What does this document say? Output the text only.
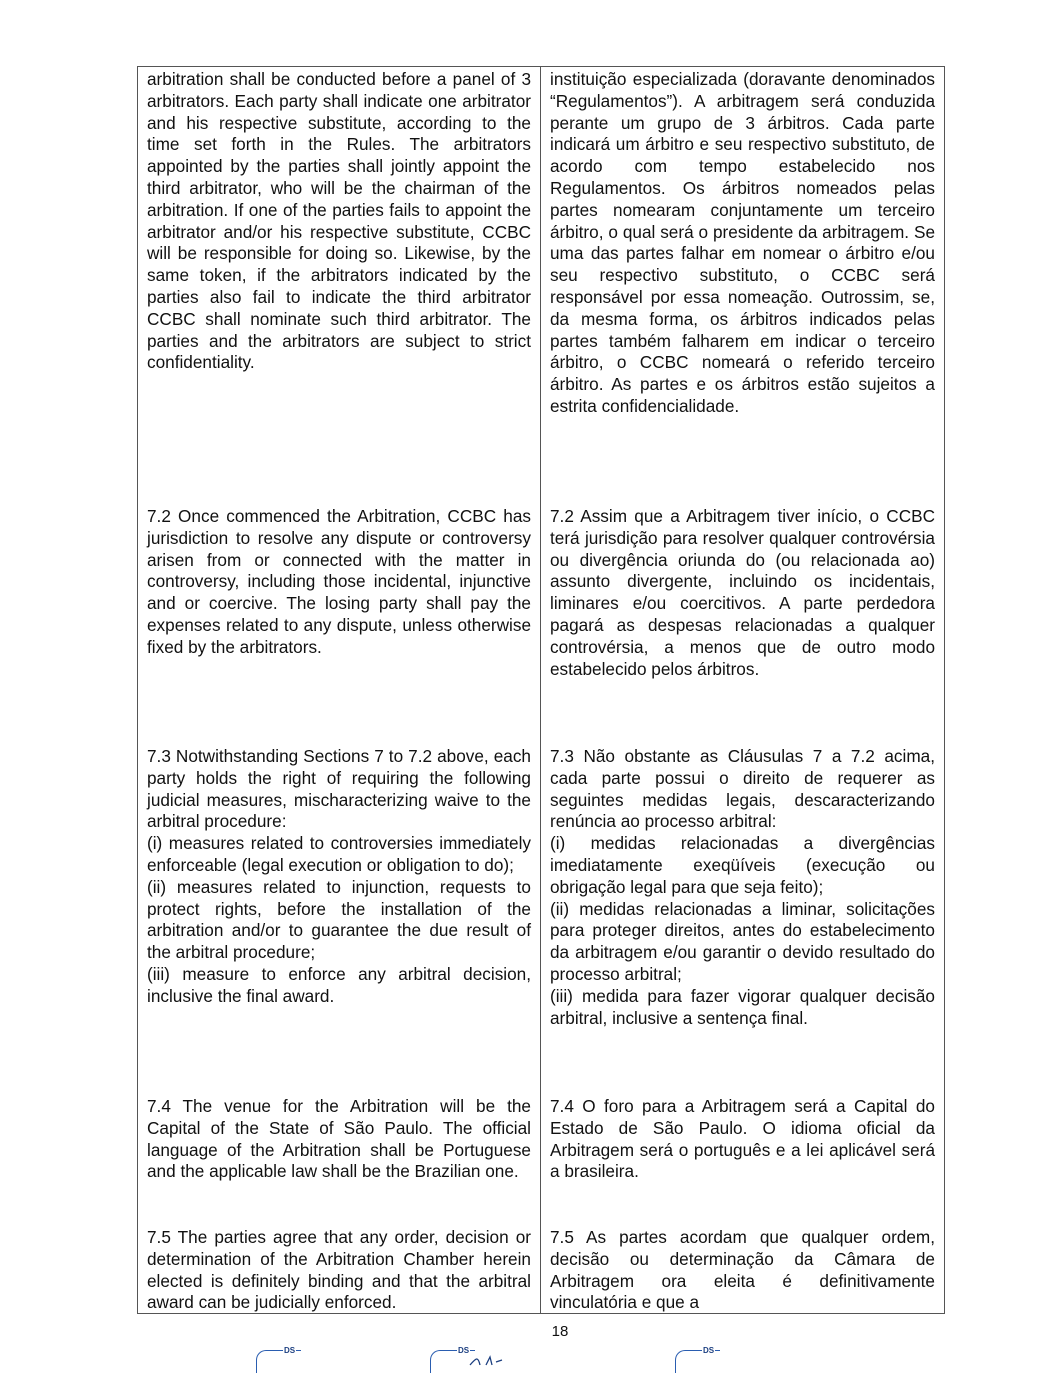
arbitration shall be conducted before a panel of 3 arbitrators. Each party shall indicate one arbitrator and his respective substitute, according to the time set forth in the Rules. The arbitrators appointed by the parties shall jointly appoint the third arbitrator, who will be the chairman of the arbitration. If one of the parties fails to appoint the arbitrator and/or his respective substitute, CCBC will be responsible for doing so. Likewise, by the same token, if the arbitrators indicated by the parties also fail to indicate the third arbitrator CCBC shall nominate such third arbitrator. The parties and the arbitrators are subject to strict confidentiality.

7.2 Once commenced the Arbitration, CCBC has jurisdiction to resolve any dispute or controversy arisen from or connected with the matter in controversy, including those incidental, injunctive and or coercive. The losing party shall pay the expenses related to any dispute, unless otherwise fixed by the arbitrators.

7.3 Notwithstanding Sections 7 to 7.2 above, each party holds the right of requiring the following judicial measures, mischaracterizing waive to the arbitral procedure:

(i) measures related to controversies immediately enforceable (legal execution or obligation to do);

(ii) measures related to injunction, requests to protect rights, before the installation of the arbitration and/or to guarantee the due result of the arbitral procedure;

(iii) measure to enforce any arbitral decision, inclusive the final award.

7.4 The venue for the Arbitration will be the Capital of the State of São Paulo. The official language of the Arbitration shall be Portuguese and the applicable law shall be the Brazilian one.

7.5 The parties agree that any order, decision or determination of the Arbitration Chamber herein elected is definitely binding and that the arbitral award can be judicially enforced.

instituição especializada (doravante denominados “Regulamentos”). A arbitragem será conduzida perante um grupo de 3 árbitros. Cada parte indicará um árbitro e seu respectivo substituto, de acordo com tempo estabelecido nos Regulamentos. Os árbitros nomeados pelas partes nomearam conjuntamente um terceiro árbitro, o qual será o presidente da arbitragem. Se uma das partes falhar em nomear o árbitro e/ou seu respectivo substituto, o CCBC será responsável por essa nomeação. Outrossim, se, da mesma forma, os árbitros indicados pelas partes também falharem em indicar o terceiro árbitro, o CCBC nomeará o referido terceiro árbitro. As partes e os árbitros estão sujeitos a estrita confidencialidade.

7.2 Assim que a Arbitragem tiver início, o CCBC terá jurisdição para resolver qualquer controvérsia ou divergência oriunda do (ou relacionada ao) assunto divergente, incluindo os incidentais, liminares e/ou coercitivos. A parte perdedora pagará as despesas relacionadas a qualquer controvérsia, a menos que de outro modo estabelecido pelos árbitros.

7.3 Não obstante as Cláusulas 7 a 7.2 acima, cada parte possui o direito de requerer as seguintes medidas legais, descaracterizando renúncia ao processo arbitral:

(i) medidas relacionadas a divergências imediatamente exeqüíveis (execução ou obrigação legal para que seja feito);

(ii) medidas relacionadas a liminar, solicitações para proteger direitos, antes do estabelecimento da arbitragem e/ou garantir o devido resultado do processo arbitral;

(iii) medida para fazer vigorar qualquer decisão arbitral, inclusive a sentença final.

7.4 O foro para a Arbitragem será a Capital do Estado de São Paulo. O idioma oficial da Arbitragem será o português e a lei aplicável será a brasileira.

7.5 As partes acordam que qualquer ordem, decisão ou determinação da Câmara de Arbitragem ora eleita é definitivamente vinculatória e que a

18
DS	DS	DS
